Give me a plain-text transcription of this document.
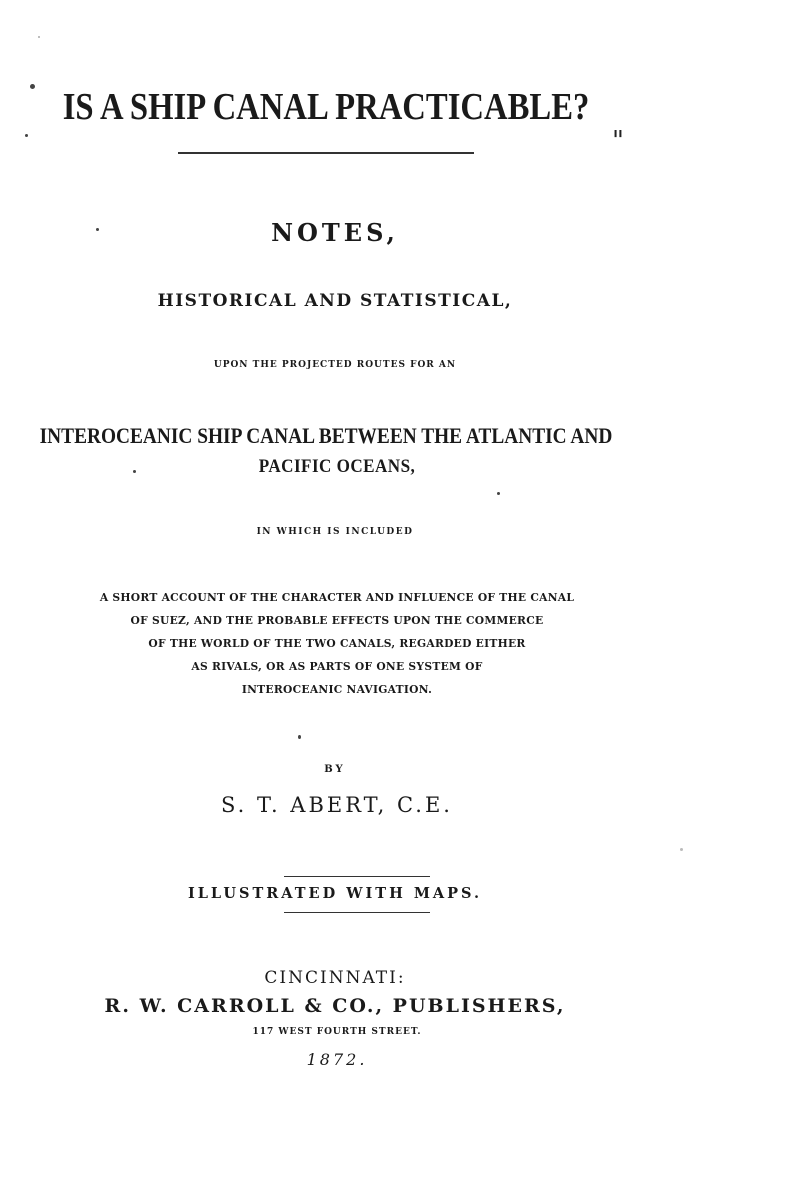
"
IS A SHIP CANAL PRACTICABLE?
NOTES,
HISTORICAL AND STATISTICAL,
UPON THE PROJECTED ROUTES FOR AN
INTEROCEANIC SHIP CANAL BETWEEN THE ATLANTIC AND
PACIFIC OCEANS,
IN WHICH IS INCLUDED
A SHORT ACCOUNT OF THE CHARACTER AND INFLUENCE OF THE CANAL
OF SUEZ, AND THE PROBABLE EFFECTS UPON THE COMMERCE
OF THE WORLD OF THE TWO CANALS, REGARDED EITHER
AS RIVALS, OR AS PARTS OF ONE SYSTEM OF
INTEROCEANIC NAVIGATION.
BY
S. T. ABERT, C.E.
ILLUSTRATED WITH MAPS.
CINCINNATI:
R. W. CARROLL & CO., PUBLISHERS,
117 WEST FOURTH STREET.
1872.
